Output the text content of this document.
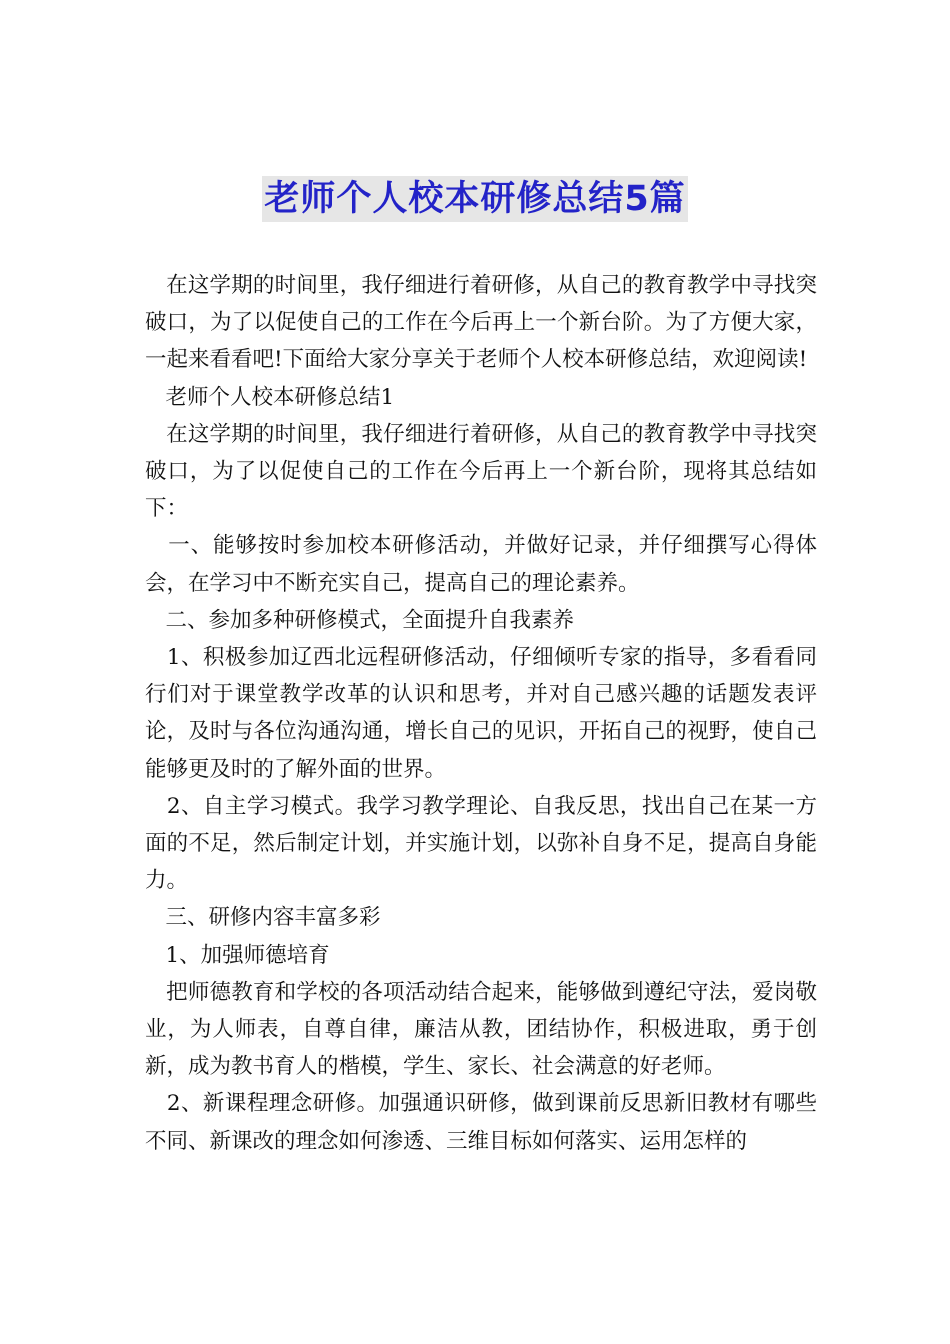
老师个人校本研修总结5篇

在这学期的时间里，我仔细进行着研修，从自己的教育教学中寻找突破口，为了以促使自己的工作在今后再上一个新台阶。为了方便大家，一起来看看吧!下面给大家分享关于老师个人校本研修总结，欢迎阅读!

老师个人校本研修总结1

在这学期的时间里，我仔细进行着研修，从自己的教育教学中寻找突破口，为了以促使自己的工作在今后再上一个新台阶，现将其总结如下：

一、能够按时参加校本研修活动，并做好记录，并仔细撰写心得体会，在学习中不断充实自己，提高自己的理论素养。

二、参加多种研修模式，全面提升自我素养

1、积极参加辽西北远程研修活动，仔细倾听专家的指导，多看看同行们对于课堂教学改革的认识和思考，并对自己感兴趣的话题发表评论，及时与各位沟通沟通，增长自己的见识，开拓自己的视野，使自己能够更及时的了解外面的世界。

2、自主学习模式。我学习教学理论、自我反思，找出自己在某一方面的不足，然后制定计划，并实施计划，以弥补自身不足，提高自身能力。

三、研修内容丰富多彩

1、加强师德培育

把师德教育和学校的各项活动结合起来，能够做到遵纪守法，爱岗敬业，为人师表，自尊自律，廉洁从教，团结协作，积极进取，勇于创新，成为教书育人的楷模，学生、家长、社会满意的好老师。

2、新课程理念研修。加强通识研修，做到课前反思新旧教材有哪些不同、新课改的理念如何渗透、三维目标如何落实、运用怎样的
